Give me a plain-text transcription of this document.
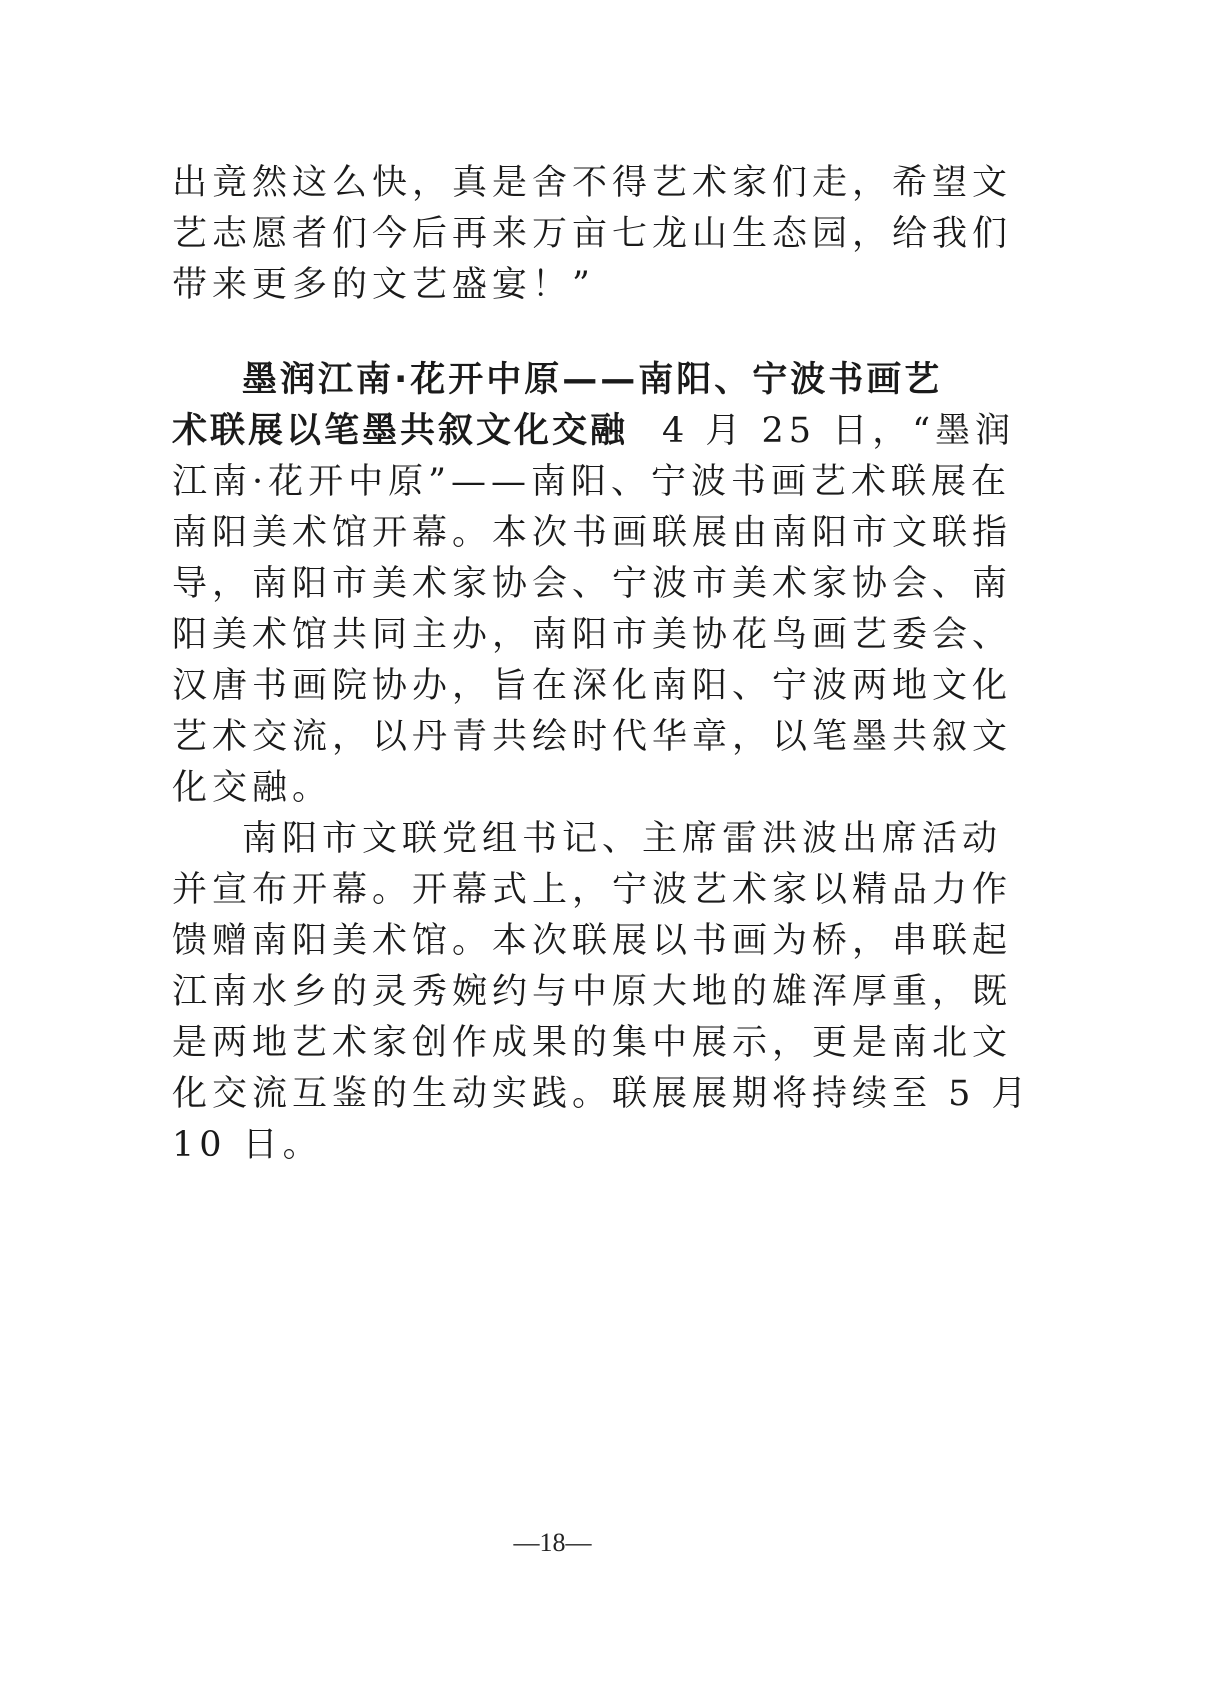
出竟然这么快，真是舍不得艺术家们走，希望文
艺志愿者们今后再来万亩七龙山生态园，给我们
带来更多的文艺盛宴！”
墨润江南·花开中原——南阳、宁波书画艺
术联展以笔墨共叙文化交融 4 月 25 日，“墨润
江南·花开中原”——南阳、宁波书画艺术联展在
南阳美术馆开幕。本次书画联展由南阳市文联指
导，南阳市美术家协会、宁波市美术家协会、南
阳美术馆共同主办，南阳市美协花鸟画艺委会、
汉唐书画院协办，旨在深化南阳、宁波两地文化
艺术交流，以丹青共绘时代华章，以笔墨共叙文
化交融。
南阳市文联党组书记、主席雷洪波出席活动
并宣布开幕。开幕式上，宁波艺术家以精品力作
馈赠南阳美术馆。本次联展以书画为桥，串联起
江南水乡的灵秀婉约与中原大地的雄浑厚重，既
是两地艺术家创作成果的集中展示，更是南北文
化交流互鉴的生动实践。联展展期将持续至 5 月
10 日。
—18—
